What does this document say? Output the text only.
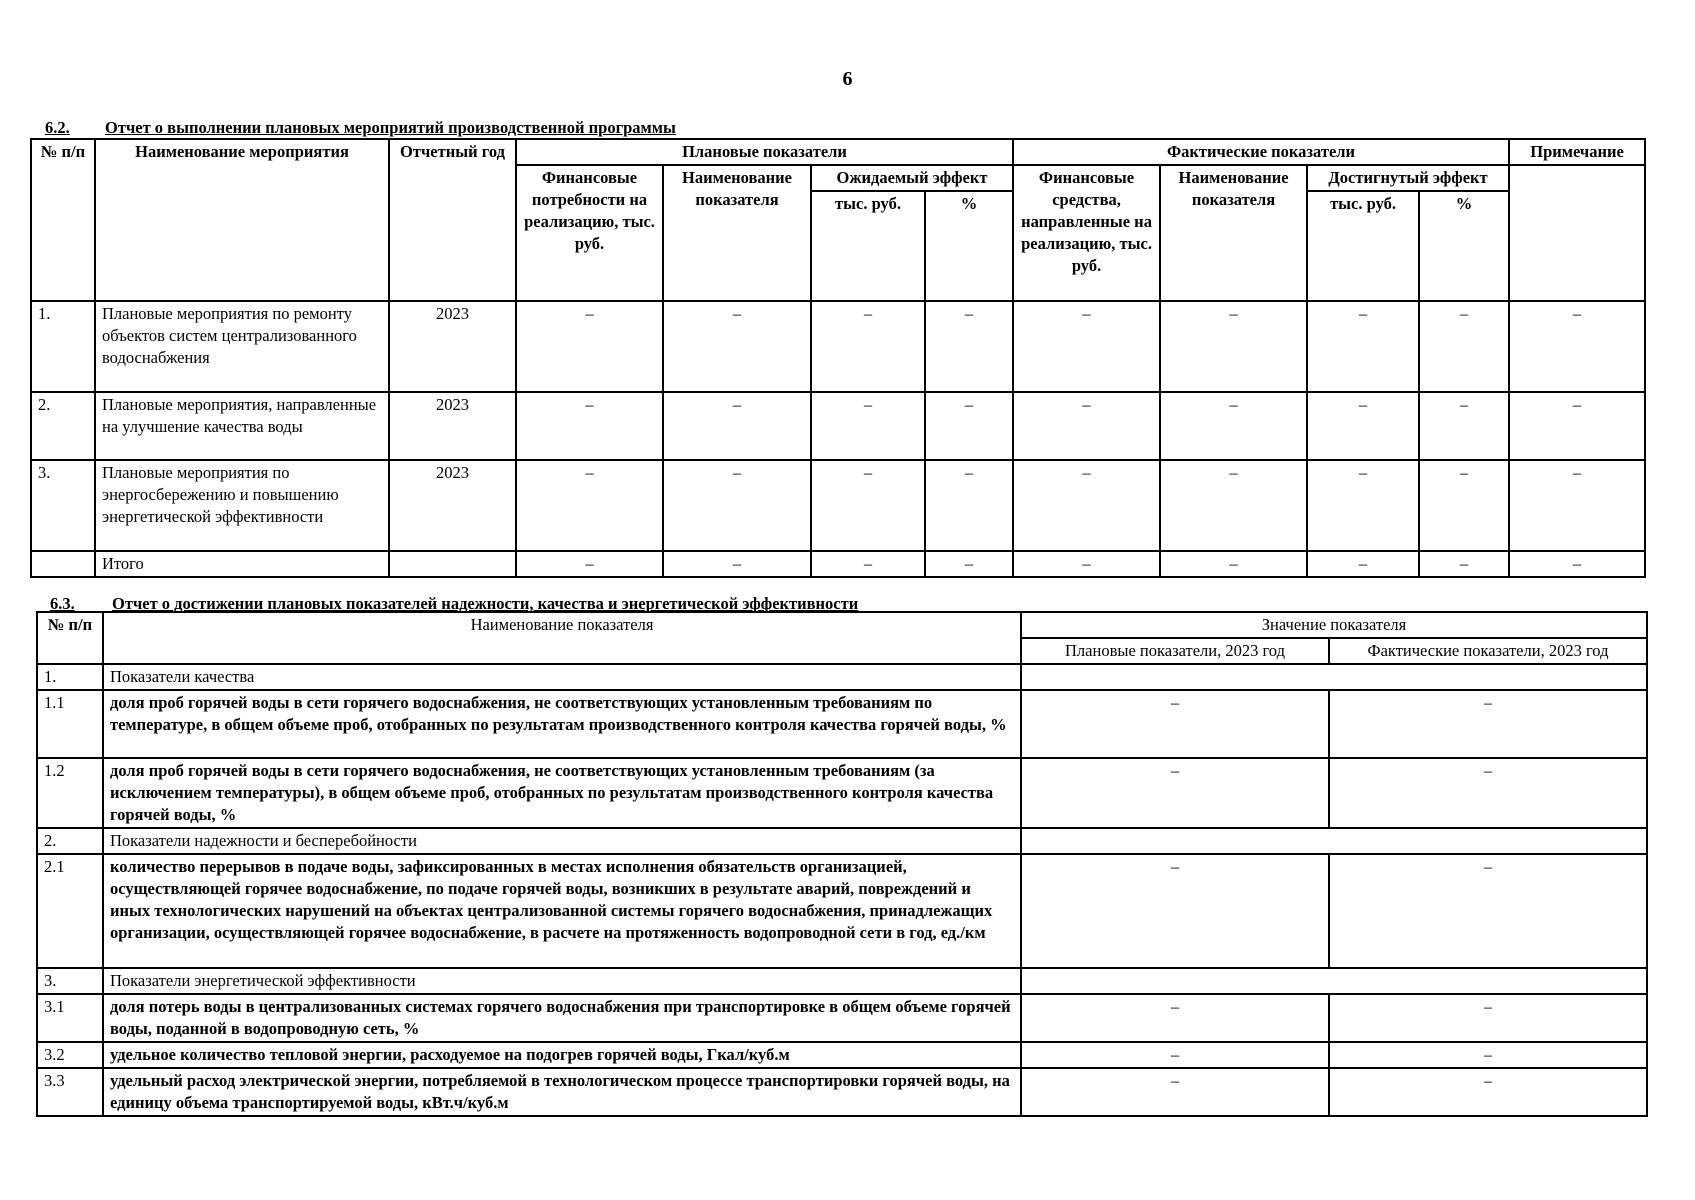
6
6.2. Отчет о выполнении плановых мероприятий производственной программы
№ п/п	Наименование мероприятия	Отчетный год	Плановые показатели				Фактические показатели				Примечание
			Финансовые потребности на реализацию, тыс. руб.	Наименование показателя	Ожидаемый эффект		Финансовые средства, направленные на реализацию, тыс. руб.	Наименование показателя	Достигнутый эффект		
					тыс. руб.	%			тыс. руб.	%	
1.	Плановые мероприятия по ремонту объектов систем централизованного водоснабжения	2023	–	–	–	–	–	–	–	–	–
2.	Плановые мероприятия, направленные на улучшение качества воды	2023	–	–	–	–	–	–	–	–	–
3.	Плановые мероприятия по энергосбережению и повышению энергетической эффективности	2023	–	–	–	–	–	–	–	–	–
	Итого		–	–	–	–	–	–	–	–	–
6.3. Отчет о достижении плановых показателей надежности, качества и энергетической эффективности
№ п/п	Наименование показателя	Значение показателя	
		Плановые показатели, 2023 год	Фактические показатели, 2023 год
1.	Показатели качества		
1.1	доля проб горячей воды в сети горячего водоснабжения, не соответствующих установленным требованиям по температуре, в общем объеме проб, отобранных по результатам производственного контроля качества горячей воды, %	–	–
1.2	доля проб горячей воды в сети горячего водоснабжения, не соответствующих установленным требованиям (за исключением температуры), в общем объеме проб, отобранных по результатам производственного контроля качества горячей воды, %	–	–
2.	Показатели надежности и бесперебойности		
2.1	количество перерывов в подаче воды, зафиксированных в местах исполнения обязательств организацией, осуществляющей горячее водоснабжение, по подаче горячей воды, возникших в результате аварий, повреждений и иных технологических нарушений на объектах централизованной системы горячего водоснабжения, принадлежащих организации, осуществляющей горячее водоснабжение, в расчете на протяженность водопроводной сети в год, ед./км	–	–
3.	Показатели энергетической эффективности		
3.1	доля потерь воды в централизованных системах горячего водоснабжения при транспортировке в общем объеме горячей воды, поданной в водопроводную сеть, %	–	–
3.2	удельное количество тепловой энергии, расходуемое на подогрев горячей воды, Гкал/куб.м	–	–
3.3	удельный расход электрической энергии, потребляемой в технологическом процессе транспортировки горячей воды, на единицу объема транспортируемой воды, кВт.ч/куб.м	–	–
